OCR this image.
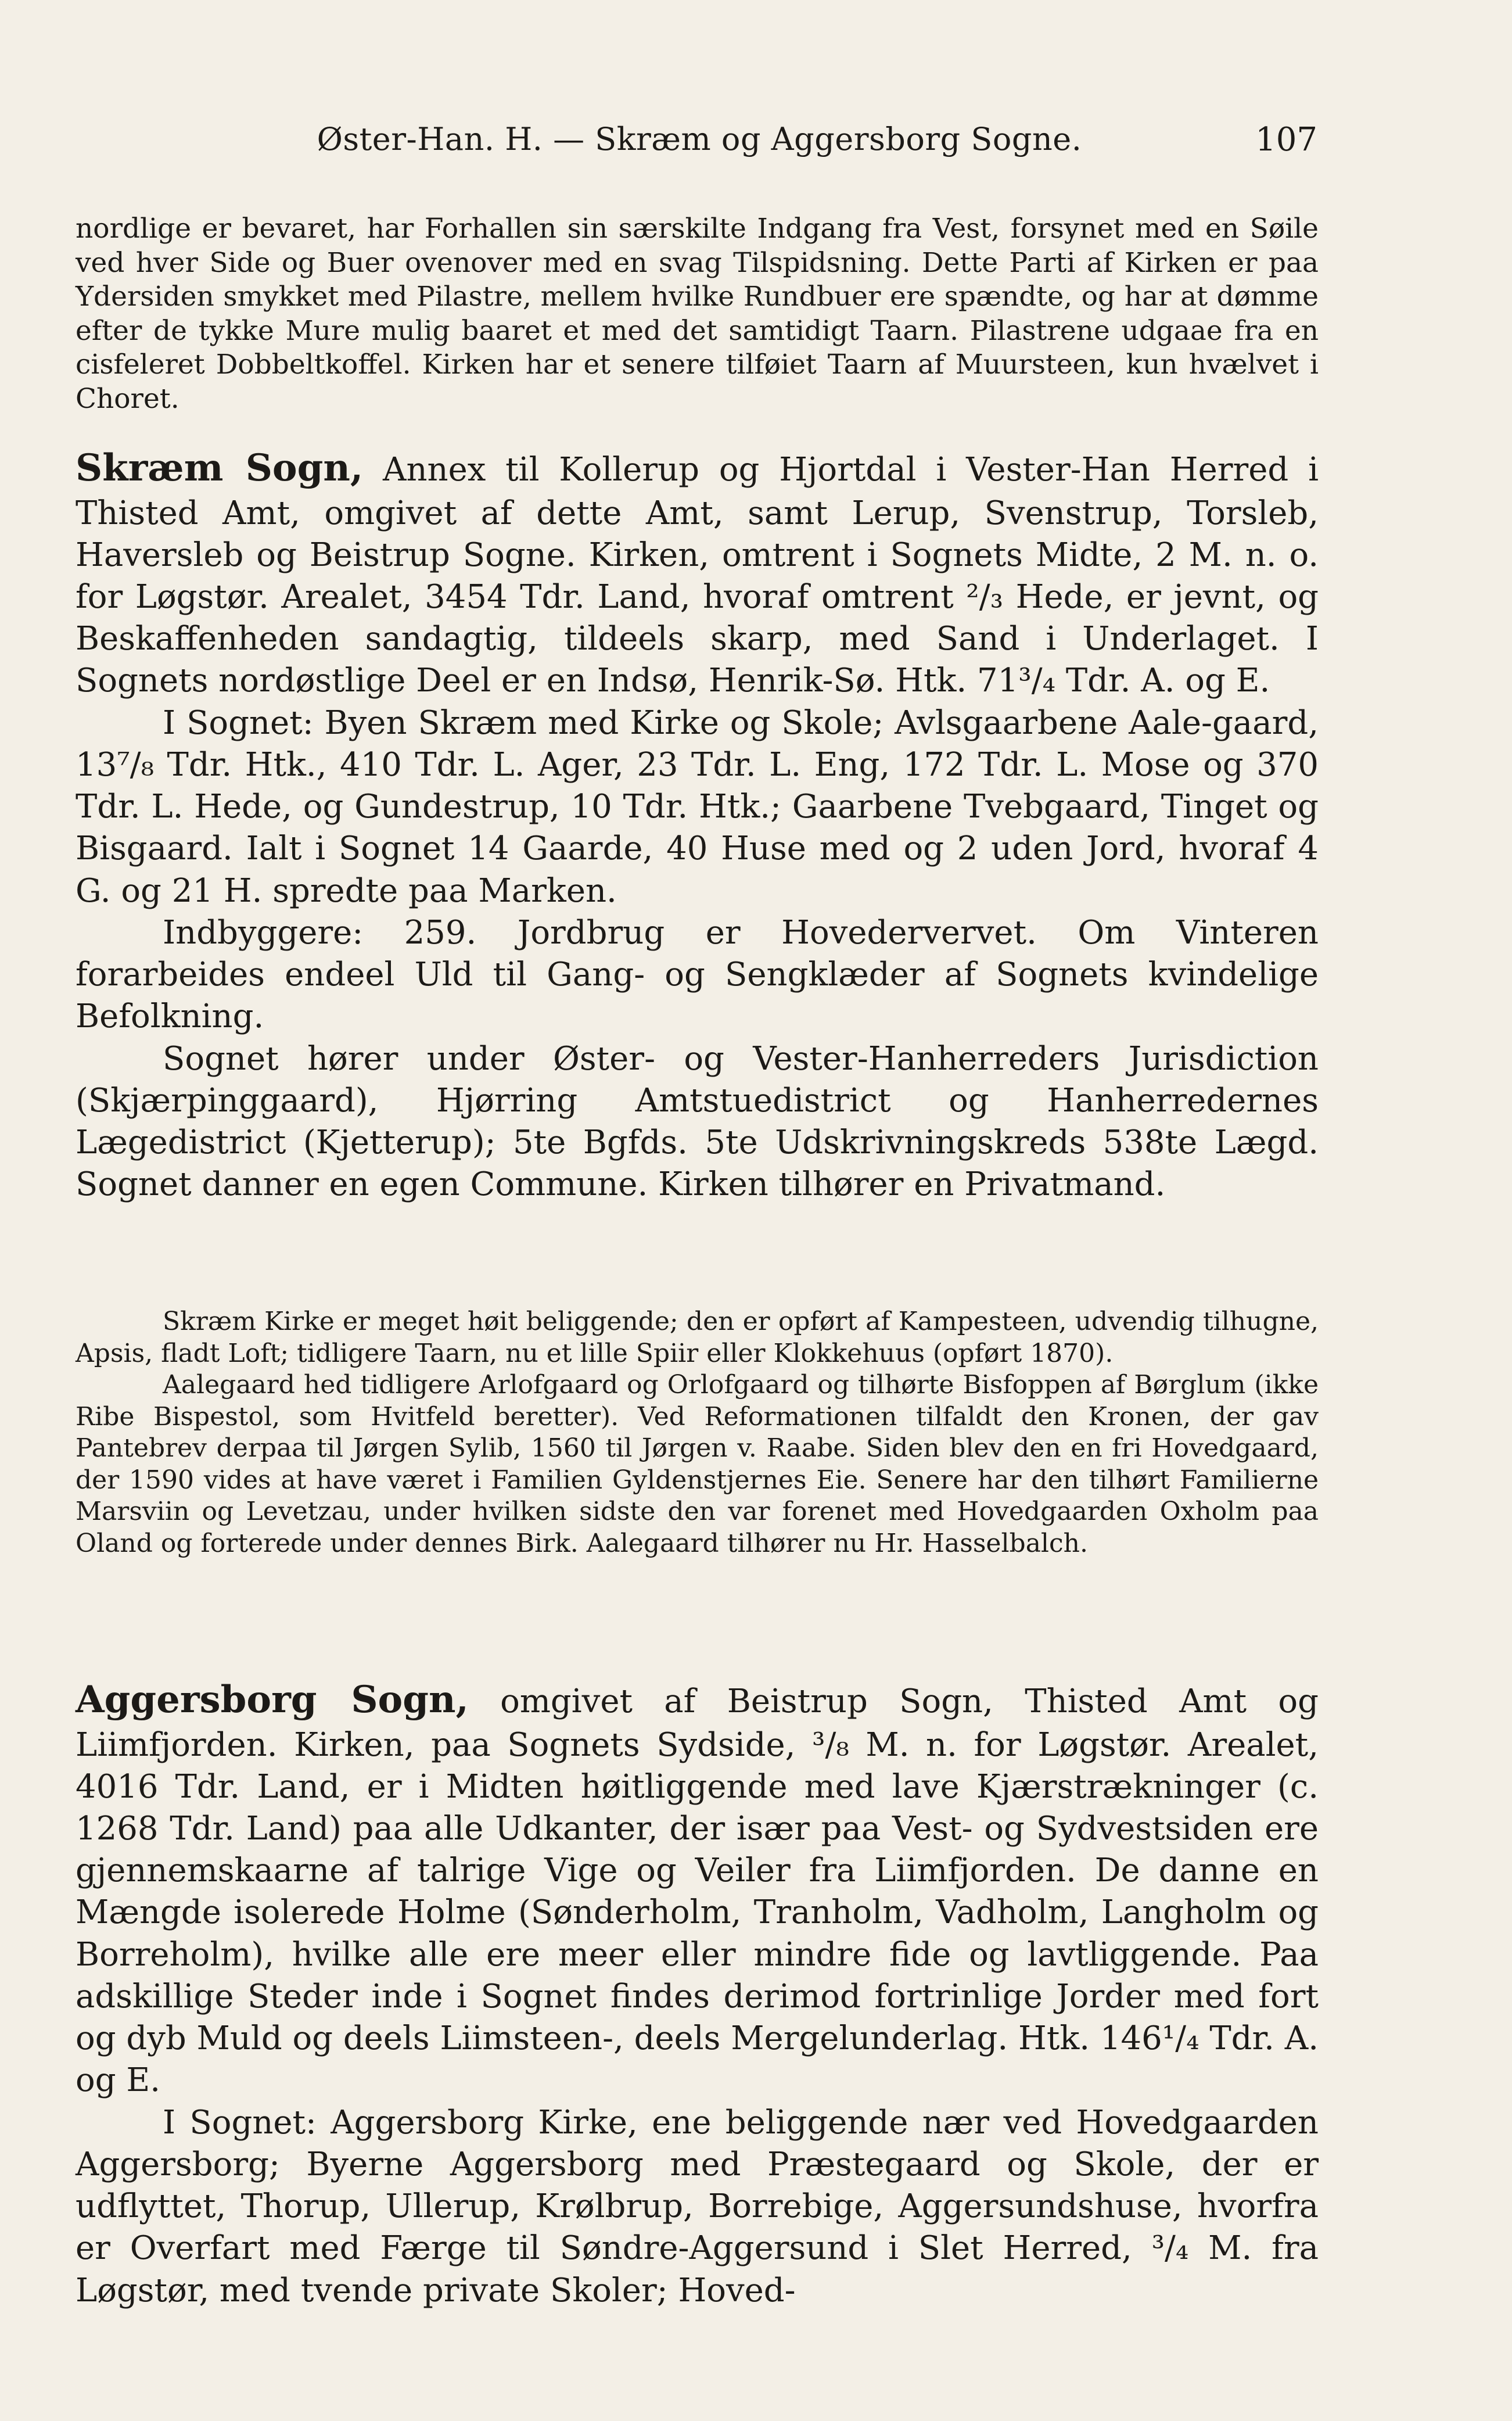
Øster-Han. H. — Skræm og Aggersborg Sogne.	107

nordlige er bevaret, har Forhallen sin særskilte Indgang fra Vest, forsynet med en Søile ved hver Side og Buer ovenover med en svag Tilspidsning. Dette Parti af Kirken er paa Ydersiden smykket med Pilastre, mellem hvilke Rundbuer ere spændte, og har at dømme efter de tykke Mure mulig baaret et med det samtidigt Taarn. Pilastrene udgaae fra en cisfeleret Dobbeltkoffel. Kirken har et senere tilføiet Taarn af Muursteen, kun hvælvet i Choret.

Skræm Sogn, Annex til Kollerup og Hjortdal i Vester-Han Herred i Thisted Amt, omgivet af dette Amt, samt Lerup, Svenstrup, Torsleb, Haversleb og Beistrup Sogne. Kirken, omtrent i Sognets Midte, 2 M. n. o. for Løgstør. Arealet, 3454 Tdr. Land, hvoraf omtrent ²/₃ Hede, er jevnt, og Beskaffenheden sandagtig, tildeels skarp, med Sand i Underlaget. I Sognets nordøstlige Deel er en Indsø, Henrik-Sø. Htk. 71³/₄ Tdr. A. og E.

I Sognet: Byen Skræm med Kirke og Skole; Avlsgaarbene Aale-gaard, 13⁷/₈ Tdr. Htk., 410 Tdr. L. Ager, 23 Tdr. L. Eng, 172 Tdr. L. Mose og 370 Tdr. L. Hede, og Gundestrup, 10 Tdr. Htk.; Gaarbene Tvebgaard, Tinget og Bisgaard. Ialt i Sognet 14 Gaarde, 40 Huse med og 2 uden Jord, hvoraf 4 G. og 21 H. spredte paa Marken.

Indbyggere: 259. Jordbrug er Hovedervervet. Om Vinteren forarbeides endeel Uld til Gang- og Sengklæder af Sognets kvindelige Befolkning.

Sognet hører under Øster- og Vester-Hanherreders Jurisdiction (Skjærpinggaard), Hjørring Amtstuedistrict og Hanherredernes Lægedistrict (Kjetterup); 5te Bgfds. 5te Udskrivningskreds 538te Lægd. Sognet danner en egen Commune. Kirken tilhører en Privatmand.

Skræm Kirke er meget høit beliggende; den er opført af Kampesteen, udvendig tilhugne, Apsis, fladt Loft; tidligere Taarn, nu et lille Spiir eller Klokkehuus (opført 1870).

Aalegaard hed tidligere Arlofgaard og Orlofgaard og tilhørte Bisfoppen af Børglum (ikke Ribe Bispestol, som Hvitfeld beretter). Ved Reformationen tilfaldt den Kronen, der gav Pantebrev derpaa til Jørgen Sylib, 1560 til Jørgen v. Raabe. Siden blev den en fri Hovedgaard, der 1590 vides at have været i Familien Gyldenstjernes Eie. Senere har den tilhørt Familierne Marsviin og Levetzau, under hvilken sidste den var forenet med Hovedgaarden Oxholm paa Oland og forterede under dennes Birk. Aalegaard tilhører nu Hr. Hasselbalch.

Aggersborg Sogn, omgivet af Beistrup Sogn, Thisted Amt og Liimfjorden. Kirken, paa Sognets Sydside, ³/₈ M. n. for Løgstør. Arealet, 4016 Tdr. Land, er i Midten høitliggende med lave Kjærstrækninger (c. 1268 Tdr. Land) paa alle Udkanter, der især paa Vest- og Sydvestsiden ere gjennemskaarne af talrige Vige og Veiler fra Liimfjorden. De danne en Mængde isolerede Holme (Sønderholm, Tranholm, Vadholm, Langholm og Borreholm), hvilke alle ere meer eller mindre fide og lavtliggende. Paa adskillige Steder inde i Sognet findes derimod fortrinlige Jorder med fort og dyb Muld og deels Liimsteen-, deels Mergelunderlag. Htk. 146¹/₄ Tdr. A. og E.

I Sognet: Aggersborg Kirke, ene beliggende nær ved Hovedgaarden Aggersborg; Byerne Aggersborg med Præstegaard og Skole, der er udflyttet, Thorup, Ullerup, Krølbrup, Borrebige, Aggersundshuse, hvorfra er Overfart med Færge til Søndre-Aggersund i Slet Herred, ³/₄ M. fra Løgstør, med tvende private Skoler; Hoved-
